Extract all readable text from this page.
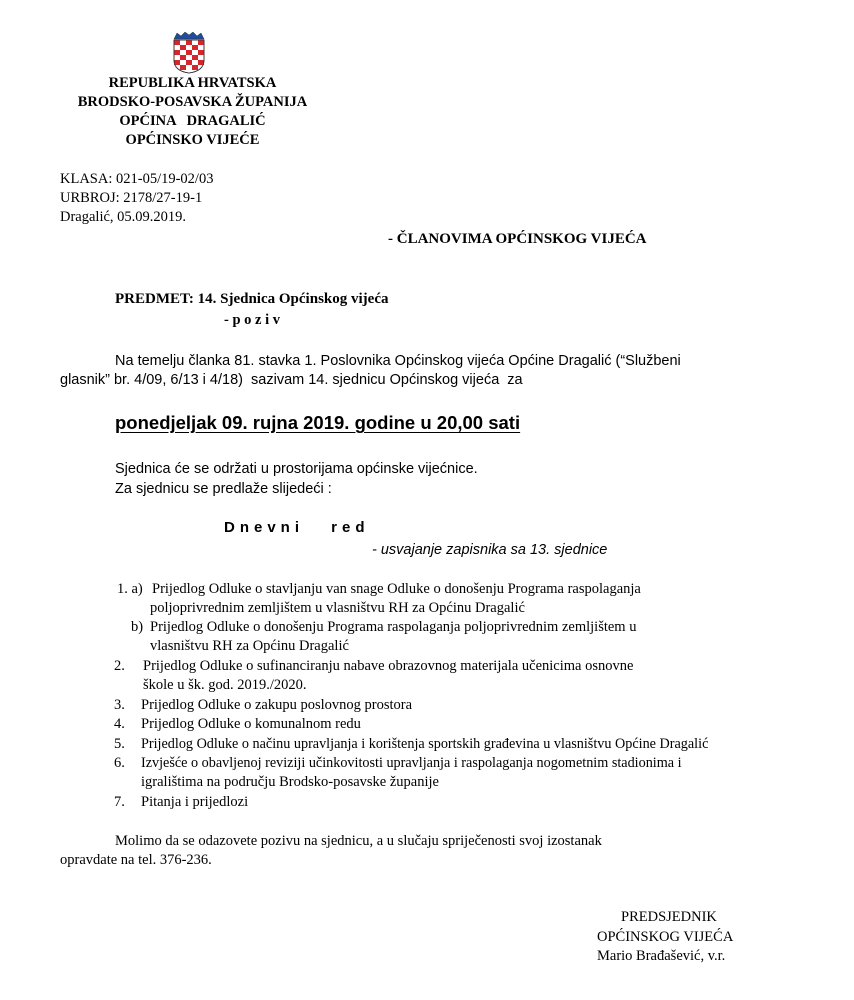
REPUBLIKA HRVATSKA
BRODSKO-POSAVSKA ŽUPANIJA
OPĆINA   DRAGALIĆ
OPĆINSKO VIJEĆE
KLASA: 021-05/19-02/03
URBROJ: 2178/27-19-1
Dragalić, 05.09.2019.
- ČLANOVIMA OPĆINSKOG VIJEĆA
PREDMET: 14. Sjednica Općinskog vijeća
- p o z i v
Na temelju članka 81. stavka 1. Poslovnika Općinskog vijeća Općine Dragalić (“Službeni
glasnik” br. 4/09, 6/13 i 4/18)  sazivam 14. sjednicu Općinskog vijeća  za
ponedjeljak 09. rujna 2019. godine u 20,00 sati
Sjednica će se održati u prostorijama općinske vijećnice.
Za sjednicu se predlaže slijedeći :
Dnevni red
- usvajanje zapisnika sa 13. sjednice
1. a) Prijedlog Odluke o stavljanju van snage Odluke o donošenju Programa raspolaganja
poljoprivrednim zemljištem u vlasništvu RH za Općinu Dragalić
b) Prijedlog Odluke o donošenju Programa raspolaganja poljoprivrednim zemljištem u
vlasništvu RH za Općinu Dragalić
2. Prijedlog Odluke o sufinanciranju nabave obrazovnog materijala učenicima osnovne
škole u šk. god. 2019./2020.
3. Prijedlog Odluke o zakupu poslovnog prostora
4. Prijedlog Odluke o komunalnom redu
5. Prijedlog Odluke o načinu upravljanja i korištenja sportskih građevina u vlasništvu Općine Dragalić
6. Izvješće o obavljenoj reviziji učinkovitosti upravljanja i raspolaganja nogometnim stadionima i
igralištima na području Brodsko-posavske županije
7. Pitanja i prijedlozi
Molimo da se odazovete pozivu na sjednicu, a u slučaju spriječenosti svoj izostanak
opravdate na tel. 376-236.
PREDSJEDNIK
OPĆINSKOG VIJEĆA
Mario Brađašević, v.r.
